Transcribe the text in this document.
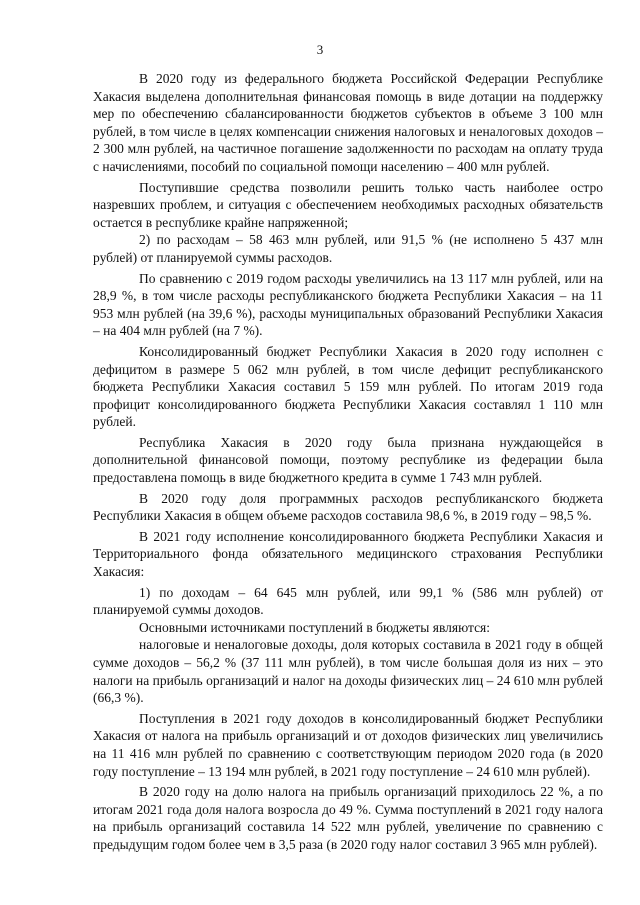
3

В 2020 году из федерального бюджета Российской Федерации Республике Хакасия выделена дополнительная финансовая помощь в виде дотации на поддержку мер по обеспечению сбалансированности бюджетов субъектов в объеме 3 100 млн рублей, в том числе в целях компенсации снижения налоговых и неналоговых доходов – 2 300 млн рублей, на частичное погашение задолженности по расходам на оплату труда с начислениями, пособий по социальной помощи населению – 400 млн рублей.

Поступившие средства позволили решить только часть наиболее остро назревших проблем, и ситуация с обеспечением необходимых расходных обязательств остается в республике крайне напряженной;

2) по расходам – 58 463 млн рублей, или 91,5 % (не исполнено 5 437 млн рублей) от планируемой суммы расходов.

По сравнению с 2019 годом расходы увеличились на 13 117 млн рублей, или на 28,9 %, в том числе расходы республиканского бюджета Республики Хакасия – на 11 953 млн рублей (на 39,6 %), расходы муниципальных образований Республики Хакасия – на 404 млн рублей (на 7 %).

Консолидированный бюджет Республики Хакасия в 2020 году исполнен с дефицитом в размере 5 062 млн рублей, в том числе дефицит республиканского бюджета Республики Хакасия составил 5 159 млн рублей. По итогам 2019 года профицит консолидированного бюджета Республики Хакасия составлял 1 110 млн рублей.

Республика Хакасия в 2020 году была признана нуждающейся в дополнительной финансовой помощи, поэтому республике из федерации была предоставлена помощь в виде бюджетного кредита в сумме 1 743 млн рублей.

В 2020 году доля программных расходов республиканского бюджета Республики Хакасия в общем объеме расходов составила 98,6 %, в 2019 году – 98,5 %.

В 2021 году исполнение консолидированного бюджета Республики Хакасия и Территориального фонда обязательного медицинского страхования Республики Хакасия:

1) по доходам – 64 645 млн рублей, или 99,1 % (586 млн рублей) от планируемой суммы доходов.

Основными источниками поступлений в бюджеты являются:

налоговые и неналоговые доходы, доля которых составила в 2021 году в общей сумме доходов – 56,2 % (37 111 млн рублей), в том числе большая доля из них – это налоги на прибыль организаций и налог на доходы физических лиц – 24 610 млн рублей (66,3 %).

Поступления в 2021 году доходов в консолидированный бюджет Республики Хакасия от налога на прибыль организаций и от доходов физических лиц увеличились на 11 416 млн рублей по сравнению с соответствующим периодом 2020 года (в 2020 году поступление – 13 194 млн рублей, в 2021 году поступление – 24 610 млн рублей).

В 2020 году на долю налога на прибыль организаций приходилось 22 %, а по итогам 2021 года доля налога возросла до 49 %. Сумма поступлений в 2021 году налога на прибыль организаций составила 14 522 млн рублей, увеличение по сравнению с предыдущим годом более чем в 3,5 раза (в 2020 году налог составил 3 965 млн рублей).
